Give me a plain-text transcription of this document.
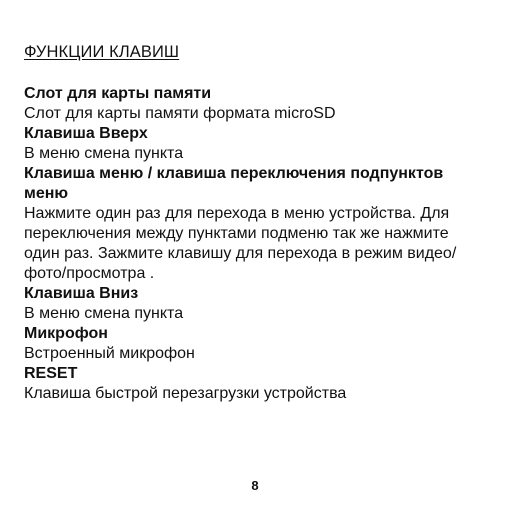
ФУНКЦИИ КЛАВИШ
Слот для карты памяти
Слот для карты памяти формата microSD
Клавиша Вверх
В меню смена пункта
Клавиша меню / клавиша переключения подпунктов меню
Нажмите один раз для перехода в меню устройства. Для переключения между пунктами подменю так же нажмите один раз. Зажмите клавишу для перехода в режим видео/фото/просмотра .
Клавиша Вниз
В меню смена пункта
Микрофон
Встроенный микрофон
RESET
Клавиша быстрой перезагрузки устройства
8
